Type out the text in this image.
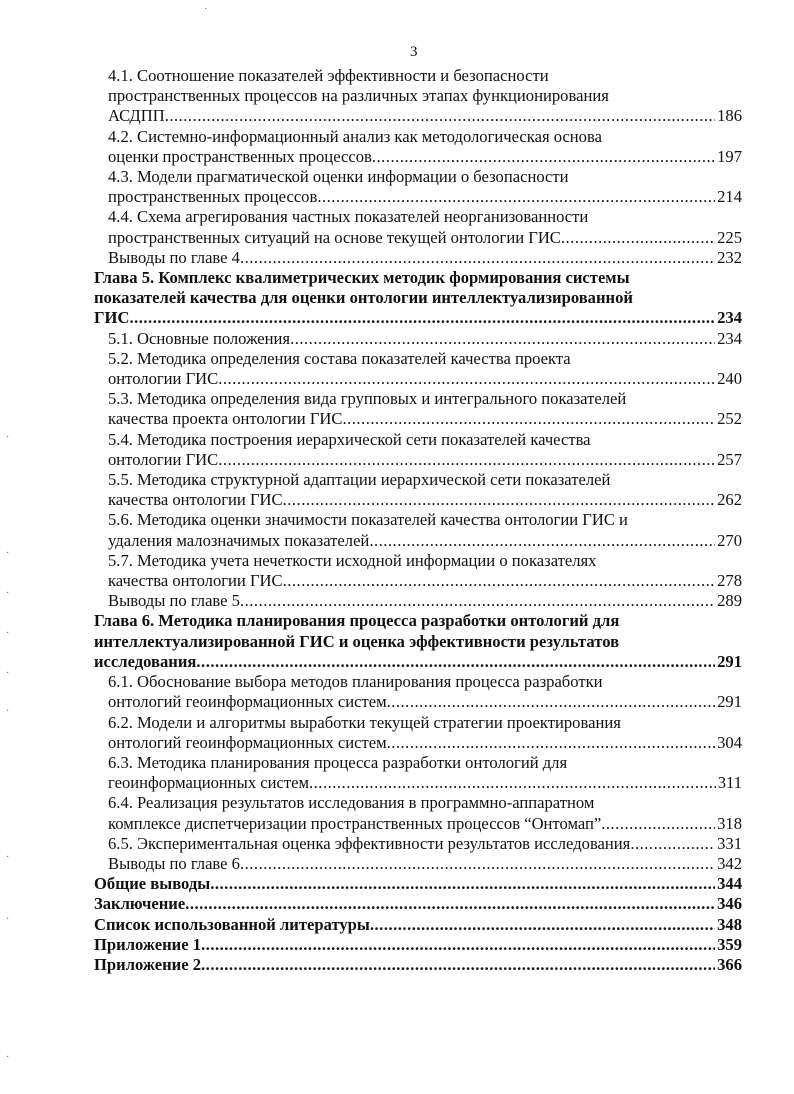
3
4.1. Соотношение показателей эффективности и безопасности
пространственных процессов на различных этапах функционирования
АСДПП .....	186
4.2. Системно-информационный анализ как методологическая основа
оценки пространственных процессов .....	197
4.3. Модели прагматической оценки информации о безопасности
пространственных процессов .....	214
4.4. Схема агрегирования частных показателей неорганизованности
пространственных ситуаций на основе текущей онтологии ГИС .....	225
Выводы по главе 4 .....	232
Глава 5. Комплекс квалиметрических методик формирования системы
показателей качества для оценки онтологии интеллектуализированной
ГИС .....	234
5.1. Основные положения .....	234
5.2. Методика определения состава показателей качества проекта
онтологии ГИС .....	240
5.3. Методика определения вида групповых и интегрального показателей
качества проекта онтологии ГИС .....	252
5.4. Методика построения иерархической сети показателей качества
онтологии ГИС .....	257
5.5. Методика структурной адаптации иерархической сети показателей
качества онтологии ГИС .....	262
5.6. Методика оценки значимости показателей качества онтологии ГИС и
удаления малозначимых показателей .....	270
5.7. Методика учета нечеткости исходной информации о показателях
качества онтологии ГИС .....	278
Выводы по главе 5 .....	289
Глава 6. Методика планирования процесса разработки онтологий для
интеллектуализированной ГИС и оценка эффективности результатов
исследования .....	291
6.1. Обоснование выбора методов планирования процесса разработки
онтологий геоинформационных систем .....	291
6.2. Модели и алгоритмы выработки текущей стратегии проектирования
онтологий геоинформационных систем .....	304
6.3. Методика планирования процесса разработки онтологий для
геоинформационных систем .....	311
6.4. Реализация результатов исследования в программно-аппаратном
комплексе диспетчеризации пространственных процессов “Онтомап” .....	318
6.5. Экспериментальная оценка эффективности результатов исследования .....	331
Выводы по главе 6 .....	342
Общие выводы .....	344
Заключение .....	346
Список использованной литературы .....	348
Приложение 1 .....	359
Приложение 2 .....	366
·
·
·
·
·
·
·
·
·
·
